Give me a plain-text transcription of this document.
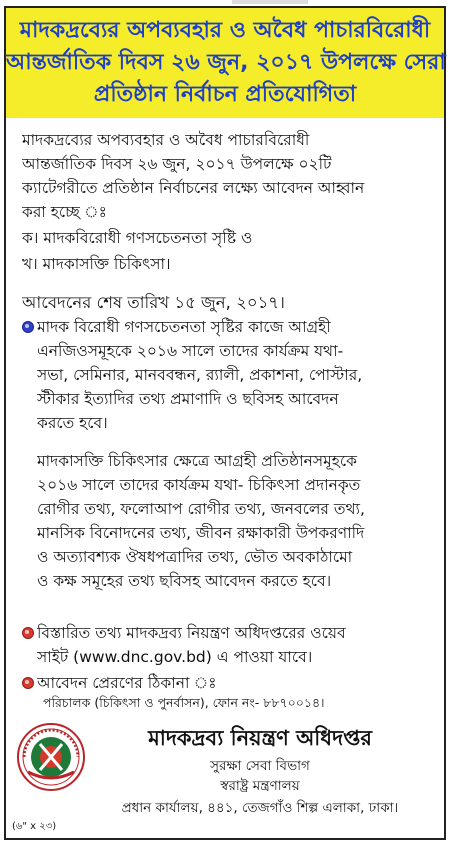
মাদকদ্রব্যের অপব্যবহার ও অবৈধ পাচারবিরোধী
আন্তর্জাতিক দিবস ২৬ জুন, ২০১৭ উপলক্ষে সেরা
প্রতিষ্ঠান নির্বাচন প্রতিযোগিতা
মাদকদ্রব্যের অপব্যবহার ও অবৈধ পাচারবিরোধী
আন্তর্জাতিক দিবস ২৬ জুন, ২০১৭ উপলক্ষে ০২টি
ক্যাটেগরীতে প্রতিষ্ঠান নির্বাচনের লক্ষ্যে আবেদন আহ্বান
করা হচ্ছে ঃ
ক। মাদকবিরোধী গণসচেতনতা সৃষ্টি ও
খ। মাদকাসক্তি চিকিৎসা।
আবেদনের শেষ তারিখ ১৫ জুন, ২০১৭।
মাদক বিরোধী গণসচেতনতা সৃষ্টির কাজে আগ্রহী
এনজিওসমূহকে ২০১৬ সালে তাদের কার্যক্রম যথা-
সভা, সেমিনার, মানববন্ধন, র‌্যালী, প্রকাশনা, পোস্টার,
স্টীকার ইত্যাদির তথ্য প্রমাণাদি ও ছবিসহ আবেদন
করতে হবে।
মাদকাসক্তি চিকিৎসার ক্ষেত্রে আগ্রহী প্রতিষ্ঠানসমূহকে
২০১৬ সালে তাদের কার্যক্রম যথা- চিকিৎসা প্রদানকৃত
রোগীর তথ্য, ফলোআপ রোগীর তথ্য, জনবলের তথ্য,
মানসিক বিনোদনের তথ্য, জীবন রক্ষাকারী উপকরণাদি
ও অত্যাবশ্যক ঔষধপত্রাদির তথ্য, ভৌত অবকাঠামো
ও কক্ষ সমূহের তথ্য ছবিসহ আবেদন করতে হবে।
বিস্তারিত তথ্য মাদকদ্রব্য নিয়ন্ত্রণ অধিদপ্তরের ওয়েব
সাইট (www.dnc.gov.bd) এ পাওয়া যাবে।
আবেদন প্রেরণের ঠিকানা ঃ
পরিচালক (চিকিৎসা ও পুনর্বাসন), ফোন নং- ৮৮৭০০১৪।
মাদকদ্রব্য নিয়ন্ত্রণ অধিদপ্তর
সুরক্ষা সেবা বিভাগ
স্বরাষ্ট্র মন্ত্রণালয়
প্রধান কার্যালয়, ৪৪১, তেজগাঁও শিল্প এলাকা, ঢাকা।
(৬" x ২৩)
